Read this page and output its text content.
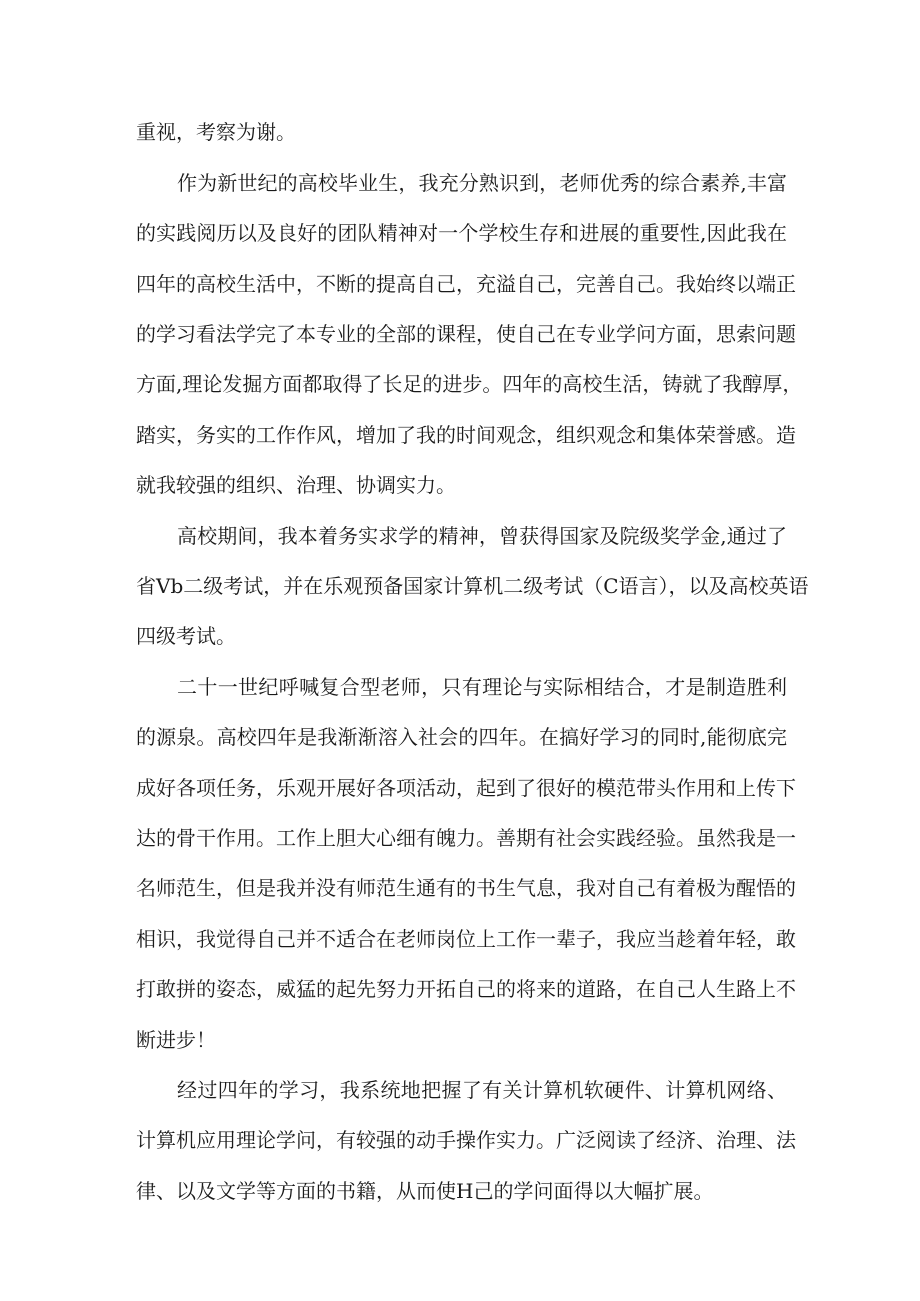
重视，考察为谢。
作为新世纪的高校毕业生，我充分熟识到，老师优秀的综合素养,丰富
的实践阅历以及良好的团队精神对一个学校生存和进展的重要性,因此我在
四年的高校生活中，不断的提高自己，充溢自己，完善自己。我始终以端正
的学习看法学完了本专业的全部的课程，使自己在专业学问方面，思索问题
方面,理论发掘方面都取得了长足的进步。四年的高校生活，铸就了我醇厚，
踏实，务实的工作作风，增加了我的时间观念，组织观念和集体荣誉感。造
就我较强的组织、治理、协调实力。
高校期间，我本着务实求学的精神，曾获得国家及院级奖学金,通过了
省Vb二级考试，并在乐观预备国家计算机二级考试（C语言），以及高校英语
四级考试。
二十一世纪呼喊复合型老师，只有理论与实际相结合，才是制造胜利
的源泉。高校四年是我渐渐溶入社会的四年。在搞好学习的同时,能彻底完
成好各项任务，乐观开展好各项活动，起到了很好的模范带头作用和上传下
达的骨干作用。工作上胆大心细有魄力。善期有社会实践经验。虽然我是一
名师范生，但是我并没有师范生通有的书生气息，我对自己有着极为醒悟的
相识，我觉得自己并不适合在老师岗位上工作一辈子，我应当趁着年轻，敢
打敢拼的姿态，威猛的起先努力开拓自己的将来的道路，在自己人生路上不
断进步！
经过四年的学习，我系统地把握了有关计算机软硬件、计算机网络、
计算机应用理论学问，有较强的动手操作实力。广泛阅读了经济、治理、法
律、以及文学等方面的书籍，从而使H己的学问面得以大幅扩展。
